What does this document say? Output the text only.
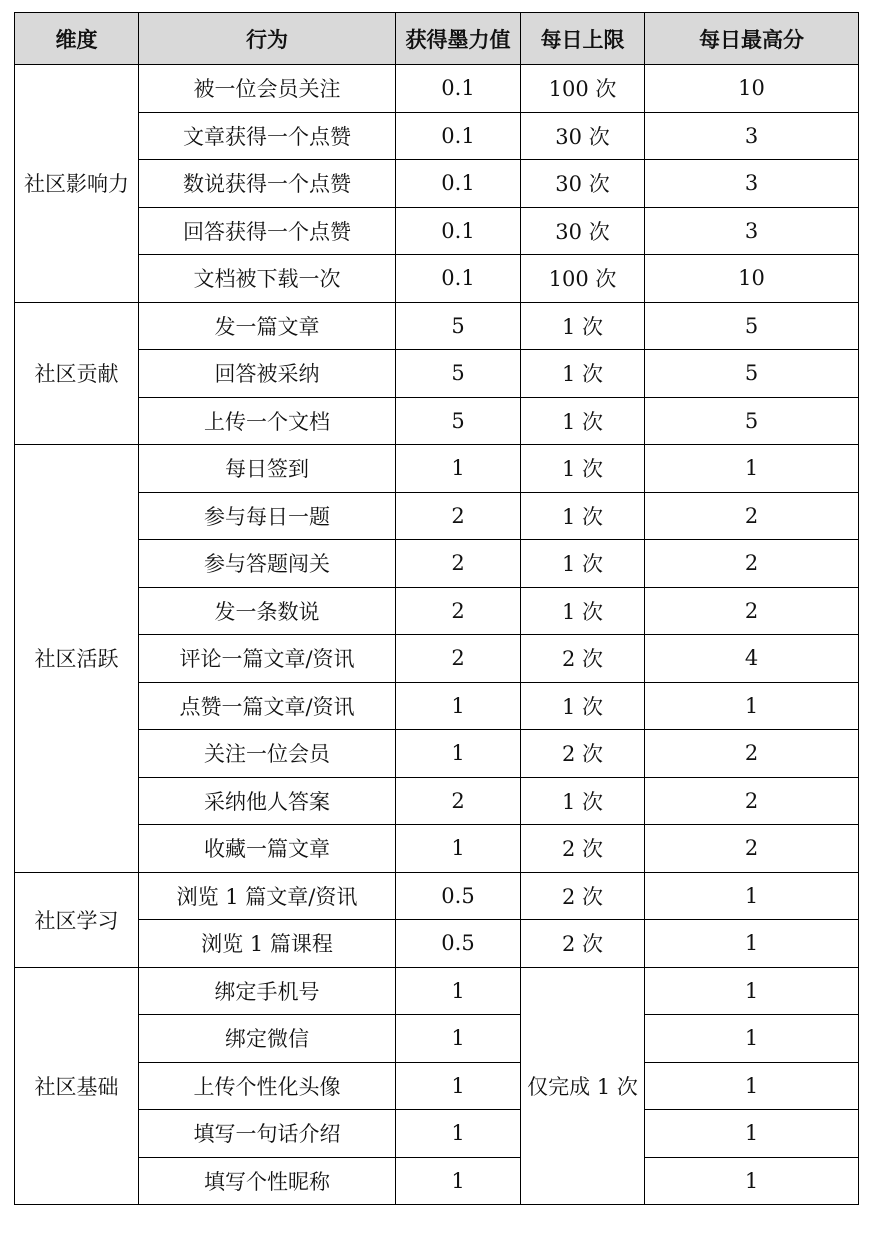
维度	行为	获得墨力值	每日上限	每日最高分
社区影响力	被一位会员关注	0.1	100 次	10
	文章获得一个点赞	0.1	30 次	3
	数说获得一个点赞	0.1	30 次	3
	回答获得一个点赞	0.1	30 次	3
	文档被下载一次	0.1	100 次	10
社区贡献	发一篇文章	5	1 次	5
	回答被采纳	5	1 次	5
	上传一个文档	5	1 次	5
社区活跃	每日签到	1	1 次	1
	参与每日一题	2	1 次	2
	参与答题闯关	2	1 次	2
	发一条数说	2	1 次	2
	评论一篇文章/资讯	2	2 次	4
	点赞一篇文章/资讯	1	1 次	1
	关注一位会员	1	2 次	2
	采纳他人答案	2	1 次	2
	收藏一篇文章	1	2 次	2
社区学习	浏览 1 篇文章/资讯	0.5	2 次	1
	浏览 1 篇课程	0.5	2 次	1
社区基础	绑定手机号	1	仅完成 1 次	1
	绑定微信	1		1
	上传个性化头像	1		1
	填写一句话介绍	1		1
	填写个性昵称	1		1
